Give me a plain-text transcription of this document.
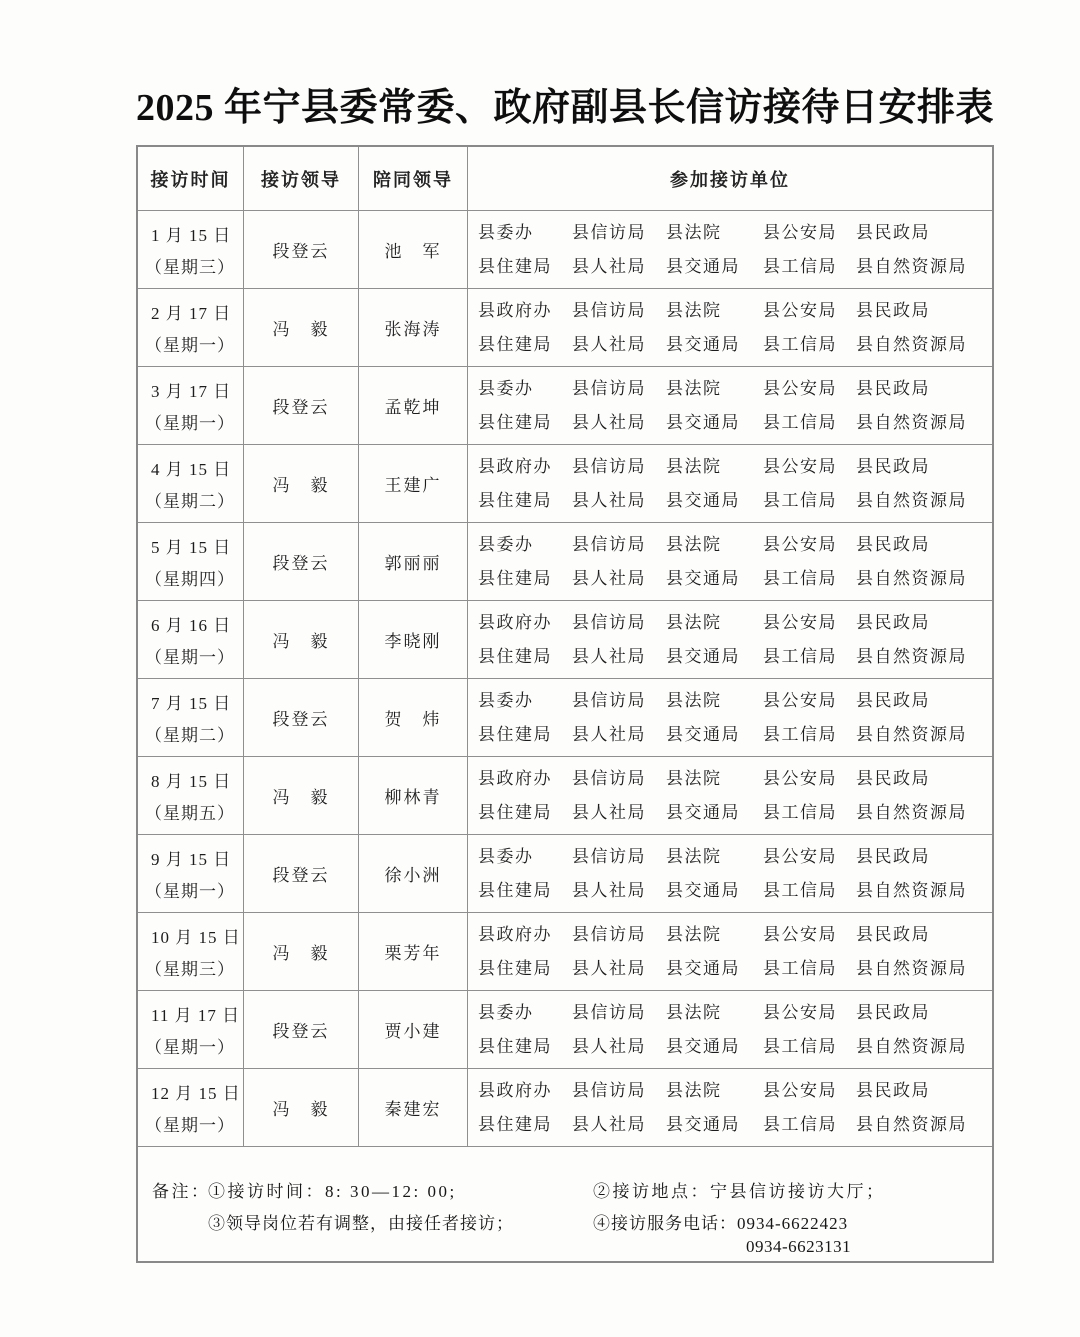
2025 年宁县委常委、政府副县长信访接待日安排表
接访时间	接访领导	陪同领导	参加接访单位
1 月 15 日
（星期三）
段登云	池　军
县委办	县信访局	县法院	县公安局	县民政局
县住建局	县人社局	县交通局	县工信局	县自然资源局
2 月 17 日
（星期一）
冯　毅	张海涛
县政府办	县信访局	县法院	县公安局	县民政局
县住建局	县人社局	县交通局	县工信局	县自然资源局
3 月 17 日
（星期一）
段登云	孟乾坤
县委办	县信访局	县法院	县公安局	县民政局
县住建局	县人社局	县交通局	县工信局	县自然资源局
4 月 15 日
（星期二）
冯　毅	王建广
县政府办	县信访局	县法院	县公安局	县民政局
县住建局	县人社局	县交通局	县工信局	县自然资源局
5 月 15 日
（星期四）
段登云	郭丽丽
县委办	县信访局	县法院	县公安局	县民政局
县住建局	县人社局	县交通局	县工信局	县自然资源局
6 月 16 日
（星期一）
冯　毅	李晓刚
县政府办	县信访局	县法院	县公安局	县民政局
县住建局	县人社局	县交通局	县工信局	县自然资源局
7 月 15 日
（星期二）
段登云	贺　炜
县委办	县信访局	县法院	县公安局	县民政局
县住建局	县人社局	县交通局	县工信局	县自然资源局
8 月 15 日
（星期五）
冯　毅	柳林青
县政府办	县信访局	县法院	县公安局	县民政局
县住建局	县人社局	县交通局	县工信局	县自然资源局
9 月 15 日
（星期一）
段登云	徐小洲
县委办	县信访局	县法院	县公安局	县民政局
县住建局	县人社局	县交通局	县工信局	县自然资源局
10 月 15 日
（星期三）
冯　毅	栗芳年
县政府办	县信访局	县法院	县公安局	县民政局
县住建局	县人社局	县交通局	县工信局	县自然资源局
11 月 17 日
（星期一）
段登云	贾小建
县委办	县信访局	县法院	县公安局	县民政局
县住建局	县人社局	县交通局	县工信局	县自然资源局
12 月 15 日
（星期一）
冯　毅	秦建宏
县政府办	县信访局	县法院	县公安局	县民政局
县住建局	县人社局	县交通局	县工信局	县自然资源局
备注：
①接访时间：8: 30—12: 00;	②接访地点：宁县信访接访大厅；
③领导岗位若有调整，由接任者接访；	④接访服务电话：0934-6622423
0934-6623131
